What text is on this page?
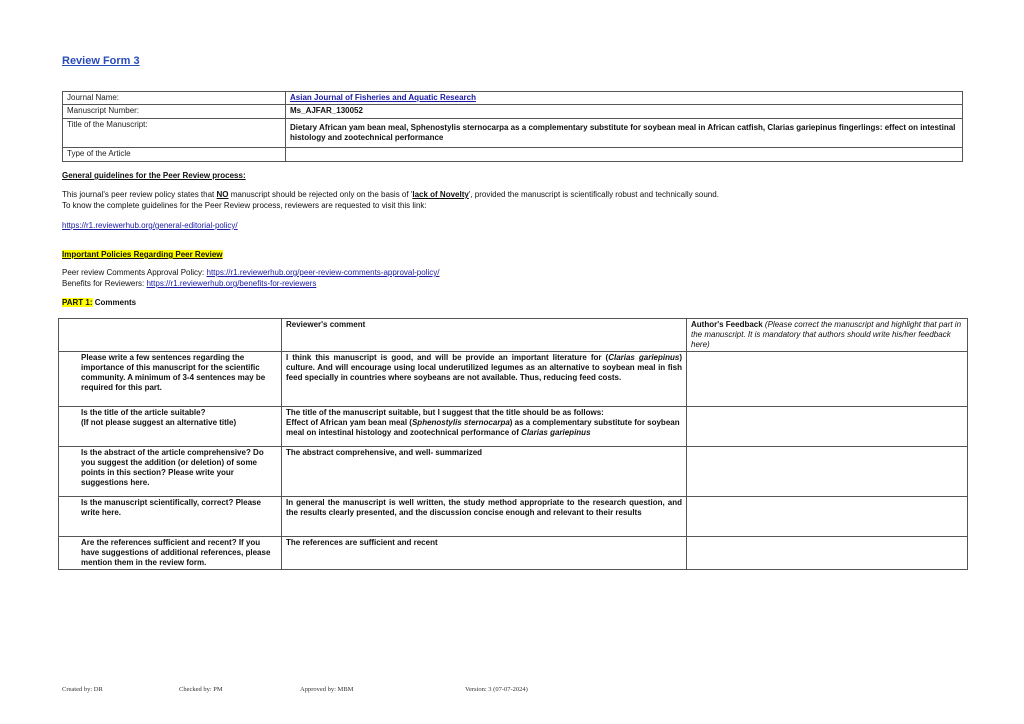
Review Form 3
Journal Name:	Asian Journal of Fisheries and Aquatic Research
Manuscript Number:	Ms_AJFAR_130052
Title of the Manuscript:	Dietary African yam bean meal, Sphenostylis sternocarpa as a complementary substitute for soybean meal in African catfish, Clarias gariepinus fingerlings: effect on intestinal histology and zootechnical performance
Type of the Article	
General guidelines for the Peer Review process:
This journal's peer review policy states that NO manuscript should be rejected only on the basis of 'lack of Novelty', provided the manuscript is scientifically robust and technically sound.
To know the complete guidelines for the Peer Review process, reviewers are requested to visit this link:
https://r1.reviewerhub.org/general-editorial-policy/
Important Policies Regarding Peer Review
Peer review Comments Approval Policy: https://r1.reviewerhub.org/peer-review-comments-approval-policy/
Benefits for Reviewers: https://r1.reviewerhub.org/benefits-for-reviewers
PART 1: Comments
	Reviewer's comment	Author's Feedback (Please correct the manuscript and highlight that part in the manuscript. It is mandatory that authors should write his/her feedback here)
Please write a few sentences regarding the importance of this manuscript for the scientific community. A minimum of 3-4 sentences may be required for this part.	I think this manuscript is good, and will be provide an important literature for (Clarias gariepinus) culture. And will encourage using local underutilized legumes as an alternative to soybean meal in fish feed specially in countries where soybeans are not available. Thus, reducing feed costs.	
Is the title of the article suitable?
(If not please suggest an alternative title)	The title of the manuscript suitable, but I suggest that the title should be as follows:
Effect of African yam bean meal (Sphenostylis sternocarpa) as a complementary substitute for soybean meal on intestinal histology and zootechnical performance of Clarias gariepinus	
Is the abstract of the article comprehensive? Do you suggest the addition (or deletion) of some points in this section? Please write your suggestions here.	The abstract comprehensive, and well- summarized	
Is the manuscript scientifically, correct? Please write here.	In general the manuscript is well written, the study method appropriate to the research question, and the results clearly presented, and the discussion concise enough and relevant to their results	
Are the references sufficient and recent? If you have suggestions of additional references, please mention them in the review form.	The references are sufficient and recent	
Created by: DR	Checked by: PM	Approved by: MBM	Version: 3 (07-07-2024)
